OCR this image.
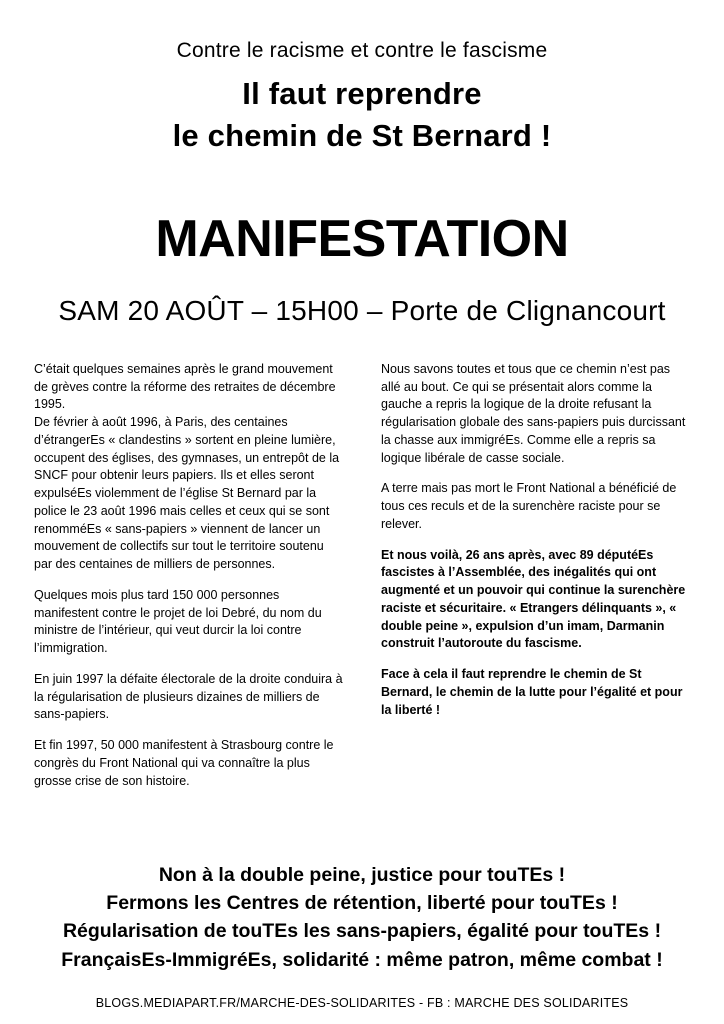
Contre le racisme et contre le fascisme
Il faut reprendre
le chemin de St Bernard !
MANIFESTATION
SAM 20 AOÛT – 15H00 – Porte de Clignancourt

C’était quelques semaines après le grand mouvement de grèves contre la réforme des retraites de décembre 1995.

De février à août 1996, à Paris, des centaines d’étrangerEs « clandestins » sortent en pleine lumière, occupent des églises, des gymnases, un entrepôt de la SNCF pour obtenir leurs papiers. Ils et elles seront expulséEs violemment de l’église St Bernard par la police le 23 août 1996 mais celles et ceux qui se sont renomméEs « sans-papiers » viennent de lancer un mouvement de collectifs sur tout le territoire soutenu par des centaines de milliers de personnes.

Quelques mois plus tard 150 000 personnes manifestent contre le projet de loi Debré, du nom du ministre de l’intérieur, qui veut durcir la loi contre l’immigration.

En juin 1997 la défaite électorale de la droite conduira à la régularisation de plusieurs dizaines de milliers de sans-papiers.

Et fin 1997, 50 000 manifestent à Strasbourg contre le congrès du Front National qui va connaître la plus grosse crise de son histoire.

Nous savons toutes et tous que ce chemin n’est pas allé au bout. Ce qui se présentait alors comme la gauche a repris la logique de la droite refusant la régularisation globale des sans-papiers puis durcissant la chasse aux immigréEs. Comme elle a repris sa logique libérale de casse sociale.

A terre mais pas mort le Front National a bénéficié de tous ces reculs et de la surenchère raciste pour se relever.

Et nous voilà, 26 ans après, avec 89 députéEs fascistes à l’Assemblée, des inégalités qui ont augmenté et un pouvoir qui continue la surenchère raciste et sécuritaire. « Etrangers délinquants », « double peine », expulsion d’un imam, Darmanin construit l’autoroute du fascisme.

Face à cela il faut reprendre le chemin de St Bernard, le chemin de la lutte pour l’égalité et pour la liberté !

Non à la double peine, justice pour touTEs !
Fermons les Centres de rétention, liberté pour touTEs !
Régularisation de touTEs les sans-papiers, égalité pour touTEs !
FrançaisEs-ImmigréEs, solidarité : même patron, même combat !
BLOGS.MEDIAPART.FR/MARCHE-DES-SOLIDARITES - FB : MARCHE DES SOLIDARITES
